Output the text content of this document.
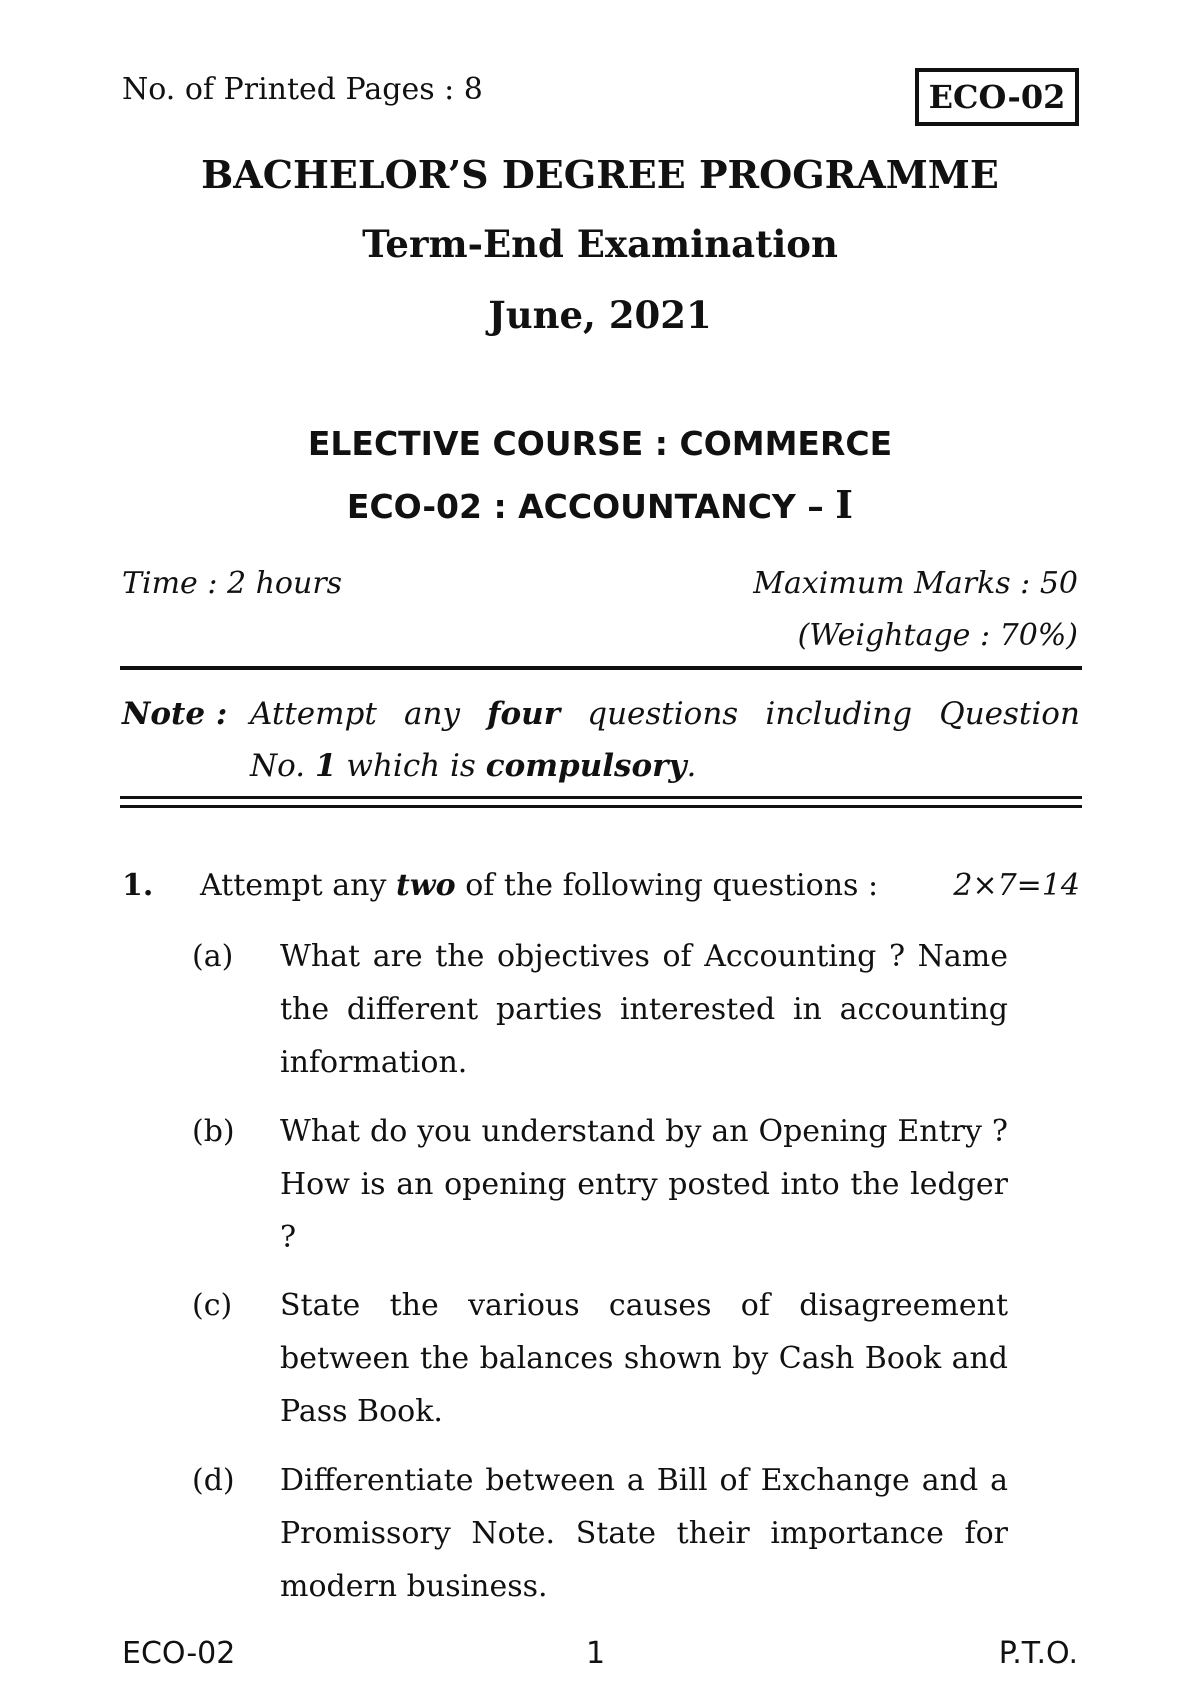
No. of Printed Pages : 8	ECO-02
BACHELOR’S DEGREE PROGRAMME
Term-End Examination
June, 2021
ELECTIVE COURSE : COMMERCE
ECO-02 : ACCOUNTANCY – I
Time : 2 hours	Maximum Marks : 50
(Weightage : 70%)
Note : Attempt any four questions including Question
No. 1 which is compulsory.
1. Attempt any two of the following questions :	2×7=14
(a) What are the objectives of Accounting ? Name the different parties interested in accounting information.
(b) What do you understand by an Opening Entry ? How is an opening entry posted into the ledger ?
(c) State the various causes of disagreement between the balances shown by Cash Book and Pass Book.
(d) Differentiate between a Bill of Exchange and a Promissory Note. State their importance for modern business.
ECO-02	1	P.T.O.
